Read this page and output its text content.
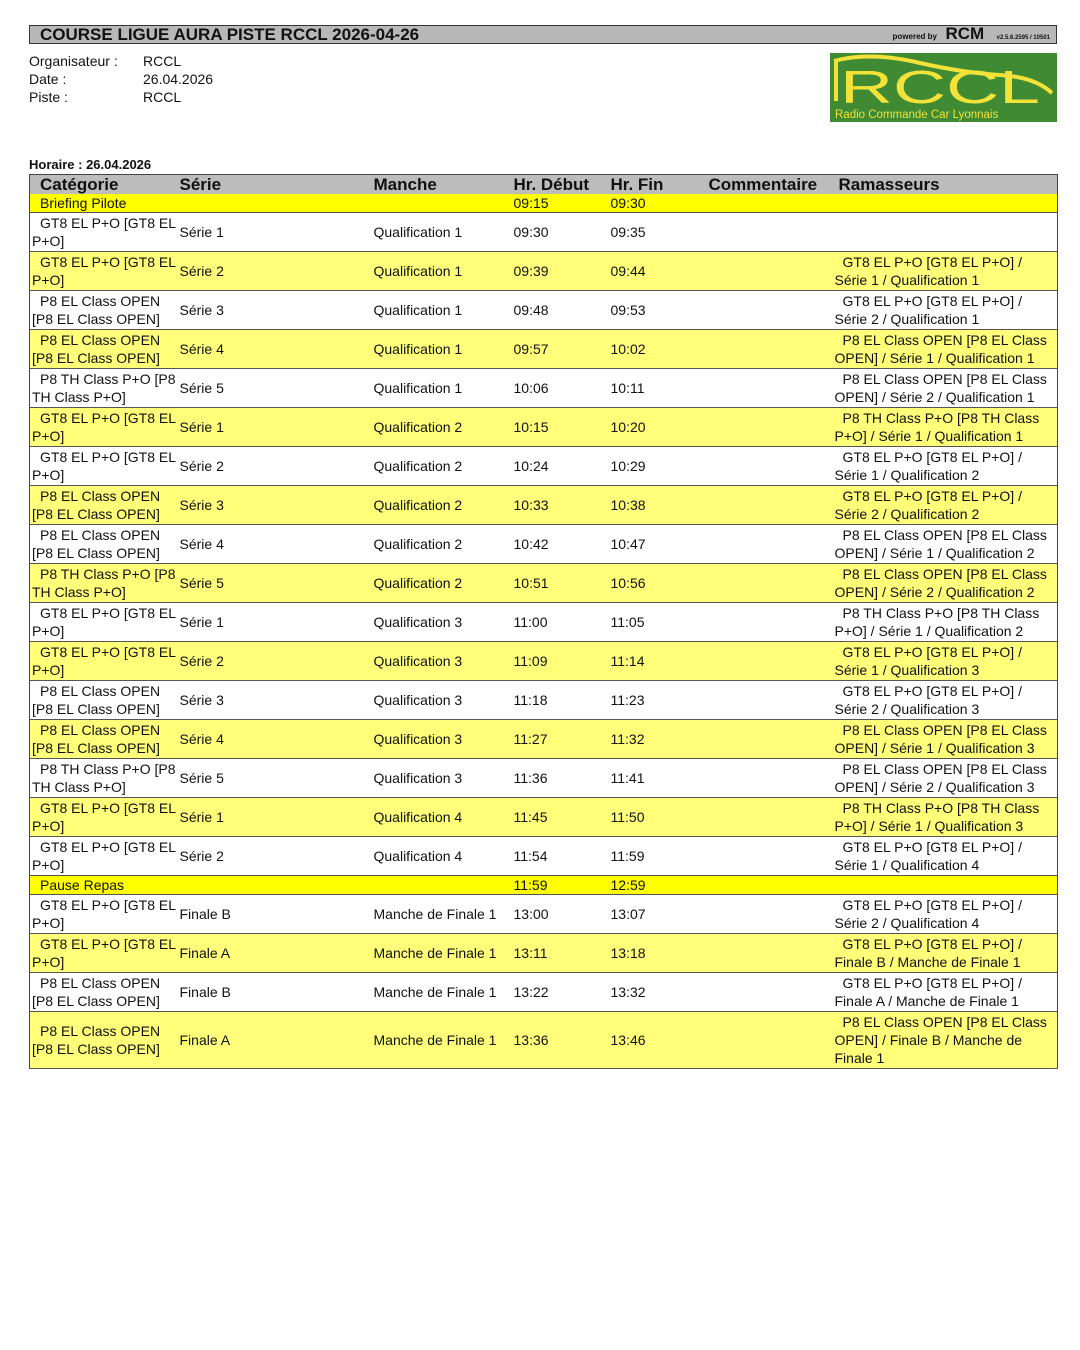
COURSE LIGUE AURA PISTE RCCL 2026-04-26	powered by RCM v2.5.6.2595 / 10501
Organisateur :	RCCL
Date :	26.04.2026
Piste :	RCCL	RCCL
Radio Commande Car Lyonnais
Horaire : 26.04.2026
Catégorie	Série	Manche	Hr. Début	Hr. Fin	Commentaire	Ramasseurs
Briefing Pilote			09:15	09:30		
GT8 EL P+O [GT8 EL P+O]	Série 1	Qualification 1	09:30	09:35		
GT8 EL P+O [GT8 EL P+O]	Série 2	Qualification 1	09:39	09:44		GT8 EL P+O [GT8 EL P+O] / Série 1 / Qualification 1
P8 EL Class OPEN [P8 EL Class OPEN]	Série 3	Qualification 1	09:48	09:53		GT8 EL P+O [GT8 EL P+O] / Série 2 / Qualification 1
P8 EL Class OPEN [P8 EL Class OPEN]	Série 4	Qualification 1	09:57	10:02		P8 EL Class OPEN [P8 EL Class OPEN] / Série 1 / Qualification 1
P8 TH Class P+O [P8 TH Class P+O]	Série 5	Qualification 1	10:06	10:11		P8 EL Class OPEN [P8 EL Class OPEN] / Série 2 / Qualification 1
GT8 EL P+O [GT8 EL P+O]	Série 1	Qualification 2	10:15	10:20		P8 TH Class P+O [P8 TH Class P+O] / Série 1 / Qualification 1
GT8 EL P+O [GT8 EL P+O]	Série 2	Qualification 2	10:24	10:29		GT8 EL P+O [GT8 EL P+O] / Série 1 / Qualification 2
P8 EL Class OPEN [P8 EL Class OPEN]	Série 3	Qualification 2	10:33	10:38		GT8 EL P+O [GT8 EL P+O] / Série 2 / Qualification 2
P8 EL Class OPEN [P8 EL Class OPEN]	Série 4	Qualification 2	10:42	10:47		P8 EL Class OPEN [P8 EL Class OPEN] / Série 1 / Qualification 2
P8 TH Class P+O [P8 TH Class P+O]	Série 5	Qualification 2	10:51	10:56		P8 EL Class OPEN [P8 EL Class OPEN] / Série 2 / Qualification 2
GT8 EL P+O [GT8 EL P+O]	Série 1	Qualification 3	11:00	11:05		P8 TH Class P+O [P8 TH Class P+O] / Série 1 / Qualification 2
GT8 EL P+O [GT8 EL P+O]	Série 2	Qualification 3	11:09	11:14		GT8 EL P+O [GT8 EL P+O] / Série 1 / Qualification 3
P8 EL Class OPEN [P8 EL Class OPEN]	Série 3	Qualification 3	11:18	11:23		GT8 EL P+O [GT8 EL P+O] / Série 2 / Qualification 3
P8 EL Class OPEN [P8 EL Class OPEN]	Série 4	Qualification 3	11:27	11:32		P8 EL Class OPEN [P8 EL Class OPEN] / Série 1 / Qualification 3
P8 TH Class P+O [P8 TH Class P+O]	Série 5	Qualification 3	11:36	11:41		P8 EL Class OPEN [P8 EL Class OPEN] / Série 2 / Qualification 3
GT8 EL P+O [GT8 EL P+O]	Série 1	Qualification 4	11:45	11:50		P8 TH Class P+O [P8 TH Class P+O] / Série 1 / Qualification 3
GT8 EL P+O [GT8 EL P+O]	Série 2	Qualification 4	11:54	11:59		GT8 EL P+O [GT8 EL P+O] / Série 1 / Qualification 4
Pause Repas			11:59	12:59		
GT8 EL P+O [GT8 EL P+O]	Finale B	Manche de Finale 1	13:00	13:07		GT8 EL P+O [GT8 EL P+O] / Série 2 / Qualification 4
GT8 EL P+O [GT8 EL P+O]	Finale A	Manche de Finale 1	13:11	13:18		GT8 EL P+O [GT8 EL P+O] / Finale B / Manche de Finale 1
P8 EL Class OPEN [P8 EL Class OPEN]	Finale B	Manche de Finale 1	13:22	13:32		GT8 EL P+O [GT8 EL P+O] / Finale A / Manche de Finale 1
P8 EL Class OPEN [P8 EL Class OPEN]	Finale A	Manche de Finale 1	13:36	13:46		P8 EL Class OPEN [P8 EL Class OPEN] / Finale B / Manche de Finale 1
